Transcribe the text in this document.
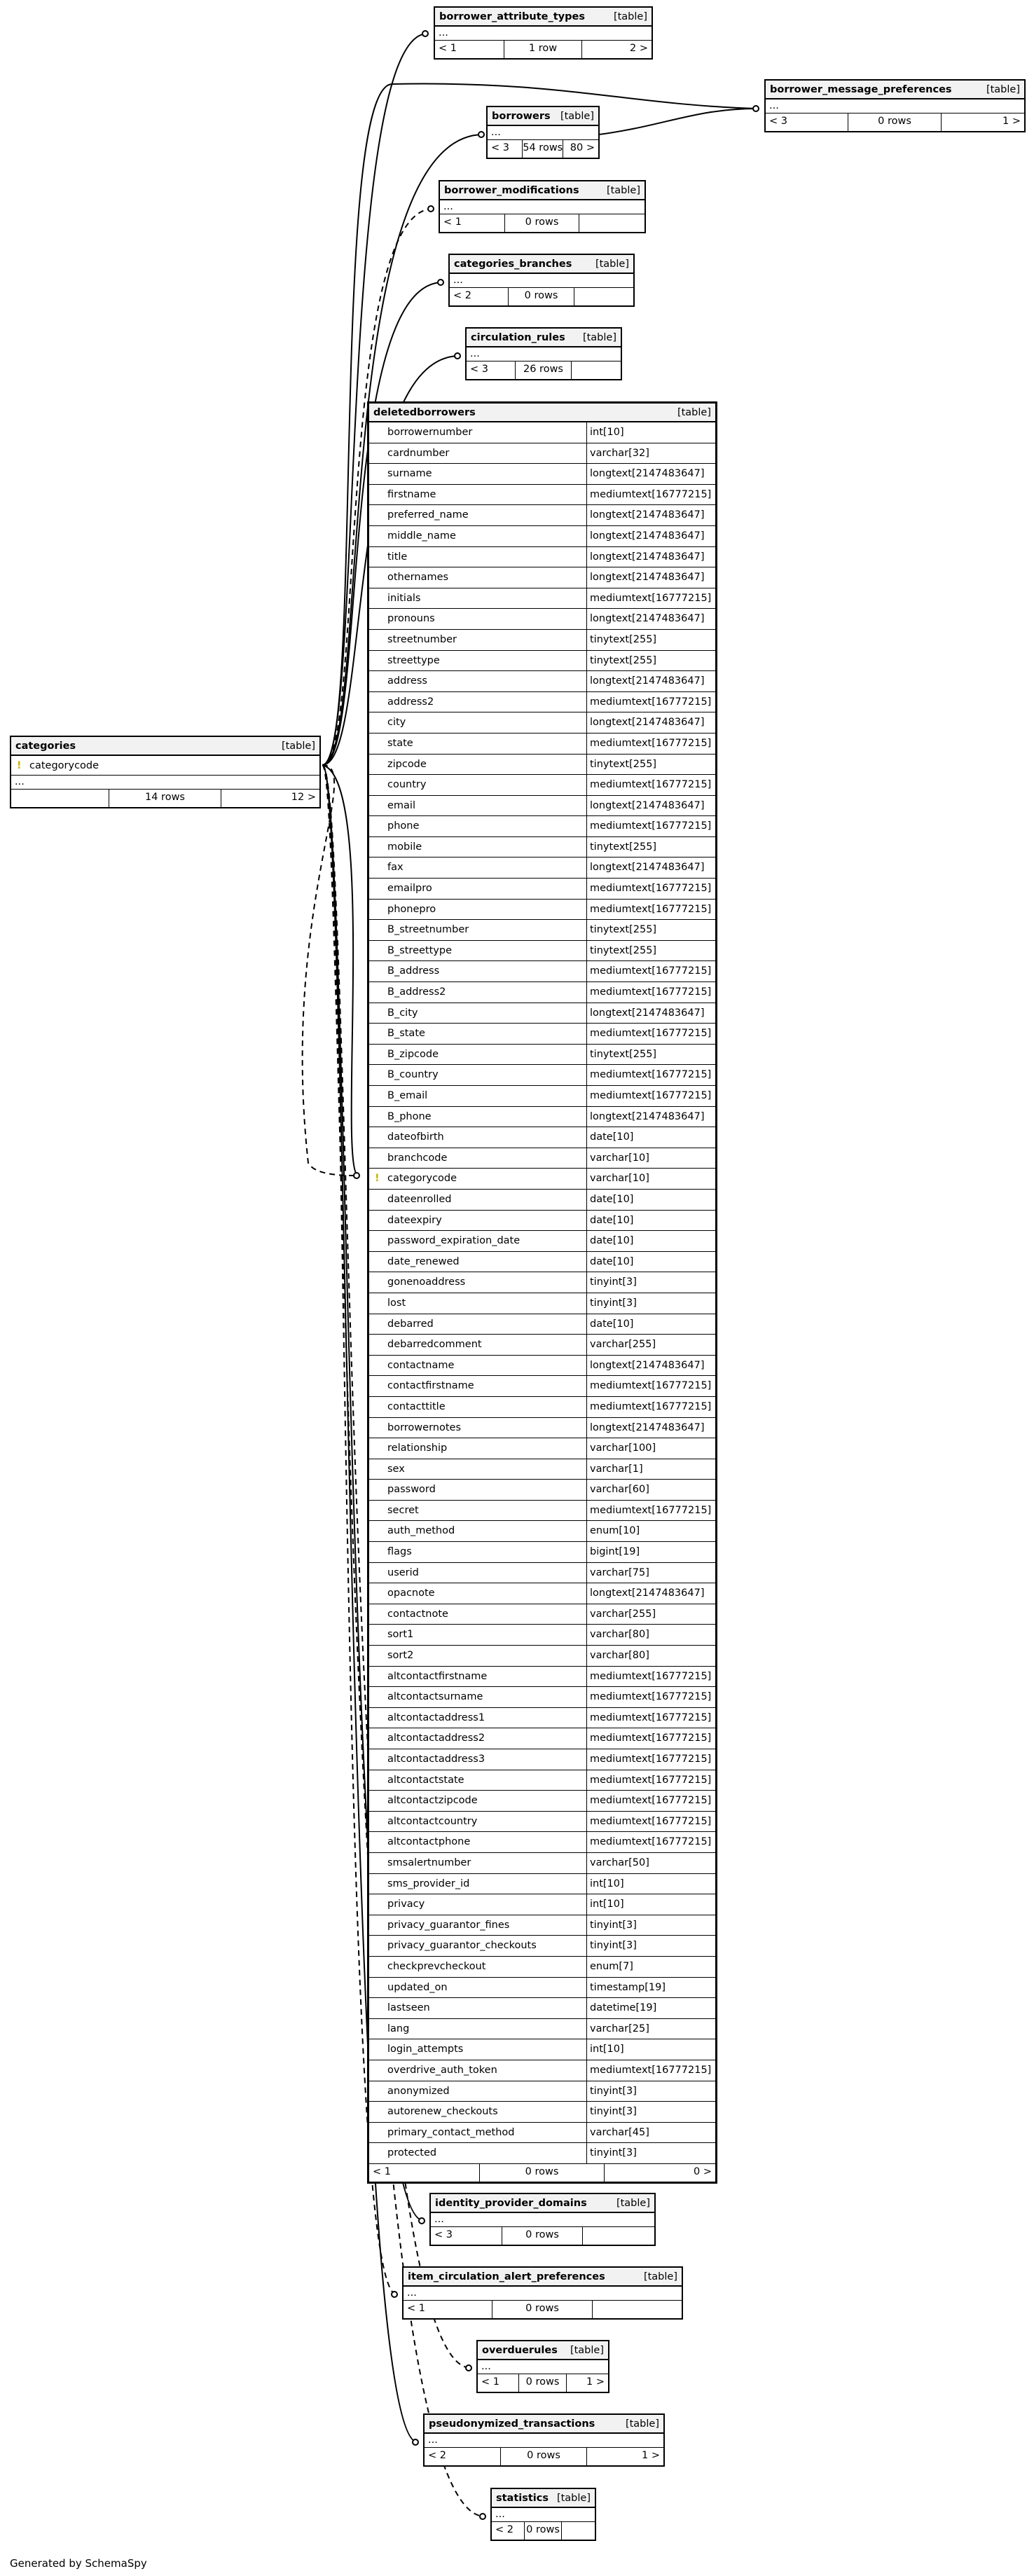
categories	[table]
! categorycode
...
14 rows	12 >
borrower_attribute_types	[table]
...
< 1	1 row	2 >
borrower_message_preferences	[table]
...
< 3	0 rows	1 >
borrowers [table]
...
< 3	54 rows 80 >
borrower_modifications	[table]
...
< 1	0 rows
categories_branches [table]
...
< 2	0 rows
circulation_rules [table]
...
< 3	26 rows
deletedborrowers	[table]
borrowernumber	int[10]
cardnumber	varchar[32]
surname	longtext[2147483647]
firstname	mediumtext[16777215]
preferred_name	longtext[2147483647]
middle_name	longtext[2147483647]
title	longtext[2147483647]
othernames	longtext[2147483647]
initials	mediumtext[16777215]
pronouns	longtext[2147483647]
streetnumber	tinytext[255]
streettype	tinytext[255]
address	longtext[2147483647]
address2	mediumtext[16777215]
city	longtext[2147483647]
state	mediumtext[16777215]
zipcode	tinytext[255]
country	mediumtext[16777215]
email	longtext[2147483647]
phone	mediumtext[16777215]
mobile	tinytext[255]
fax	longtext[2147483647]
emailpro	mediumtext[16777215]
phonepro	mediumtext[16777215]
B_streetnumber	tinytext[255]
B_streettype	tinytext[255]
B_address	mediumtext[16777215]
B_address2	mediumtext[16777215]
B_city	longtext[2147483647]
B_state	mediumtext[16777215]
B_zipcode	tinytext[255]
B_country	mediumtext[16777215]
B_email	mediumtext[16777215]
B_phone	longtext[2147483647]
dateofbirth	date[10]
branchcode	varchar[10]
! categorycode	varchar[10]
dateenrolled	date[10]
dateexpiry	date[10]
password_expiration_date	date[10]
date_renewed	date[10]
gonenoaddress	tinyint[3]
lost	tinyint[3]
debarred	date[10]
debarredcomment	varchar[255]
contactname	longtext[2147483647]
contactfirstname	mediumtext[16777215]
contacttitle	mediumtext[16777215]
borrowernotes	longtext[2147483647]
relationship	varchar[100]
sex	varchar[1]
password	varchar[60]
secret	mediumtext[16777215]
auth_method	enum[10]
flags	bigint[19]
userid	varchar[75]
opacnote	longtext[2147483647]
contactnote	varchar[255]
sort1	varchar[80]
sort2	varchar[80]
altcontactfirstname	mediumtext[16777215]
altcontactsurname	mediumtext[16777215]
altcontactaddress1	mediumtext[16777215]
altcontactaddress2	mediumtext[16777215]
altcontactaddress3	mediumtext[16777215]
altcontactstate	mediumtext[16777215]
altcontactzipcode	mediumtext[16777215]
altcontactcountry	mediumtext[16777215]
altcontactphone	mediumtext[16777215]
smsalertnumber	varchar[50]
sms_provider_id	int[10]
privacy	int[10]
privacy_guarantor_fines	tinyint[3]
privacy_guarantor_checkouts	tinyint[3]
checkprevcheckout	enum[7]
updated_on	timestamp[19]
lastseen	datetime[19]
lang	varchar[25]
login_attempts	int[10]
overdrive_auth_token	mediumtext[16777215]
anonymized	tinyint[3]
autorenew_checkouts	tinyint[3]
primary_contact_method	varchar[45]
protected	tinyint[3]
< 1	0 rows	0 >
identity_provider_domains	[table]
...
< 3	0 rows
item_circulation_alert_preferences	[table]
...
< 1	0 rows
overduerules [table]
...
< 1	0 rows	1 >
pseudonymized_transactions	[table]
...
< 2	0 rows	1 >
statistics [table]
...
< 2	0 rows
Generated by SchemaSpy
